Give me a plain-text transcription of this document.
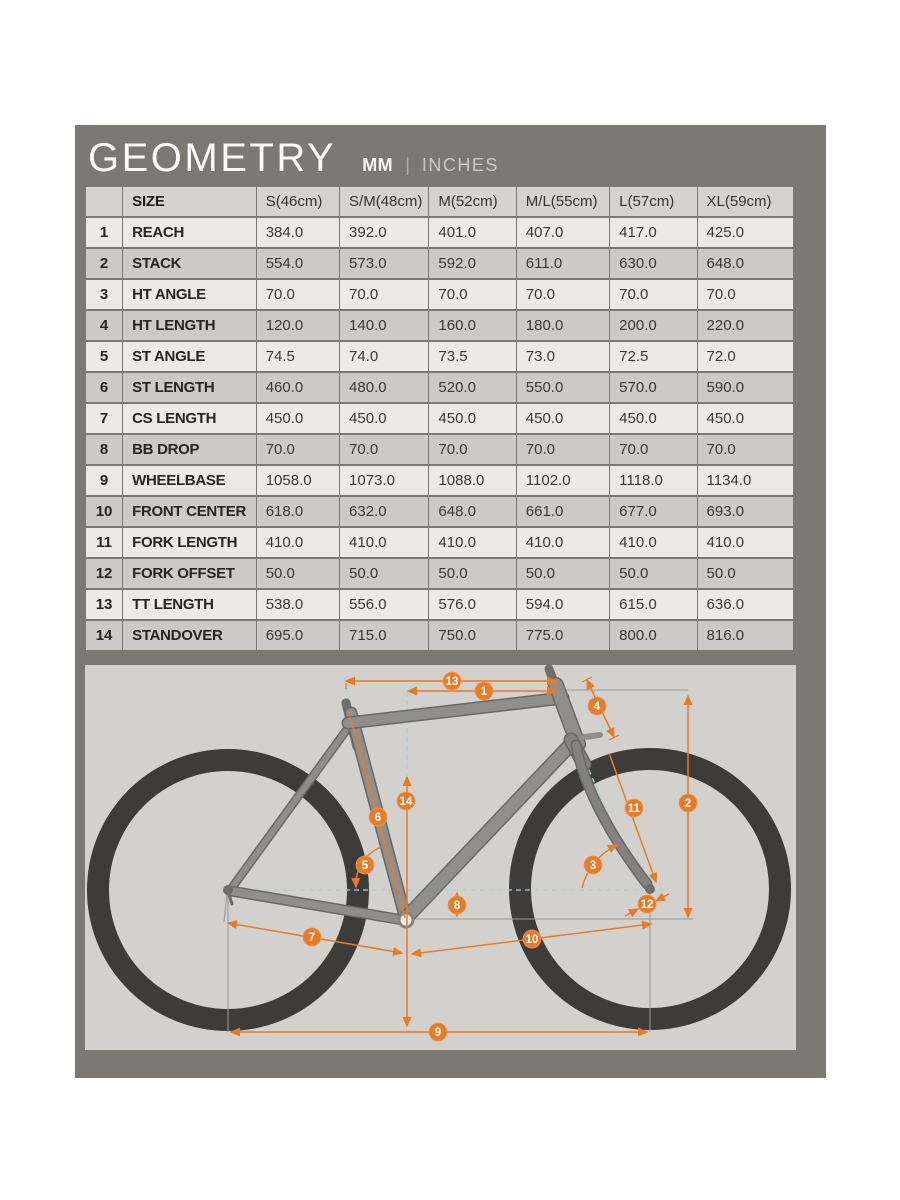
GEOMETRY MM | INCHES
	SIZE	S(46cm)	S/M(48cm)	M(52cm)	M/L(55cm)	L(57cm)	XL(59cm)
1	REACH	384.0	392.0	401.0	407.0	417.0	425.0
2	STACK	554.0	573.0	592.0	611.0	630.0	648.0
3	HT ANGLE	70.0	70.0	70.0	70.0	70.0	70.0
4	HT LENGTH	120.0	140.0	160.0	180.0	200.0	220.0
5	ST ANGLE	74.5	74.0	73.5	73.0	72.5	72.0
6	ST LENGTH	460.0	480.0	520.0	550.0	570.0	590.0
7	CS LENGTH	450.0	450.0	450.0	450.0	450.0	450.0
8	BB DROP	70.0	70.0	70.0	70.0	70.0	70.0
9	WHEELBASE	1058.0	1073.0	1088.0	1102.0	1118.0	1134.0
10	FRONT CENTER	618.0	632.0	648.0	661.0	677.0	693.0
11	FORK LENGTH	410.0	410.0	410.0	410.0	410.0	410.0
12	FORK OFFSET	50.0	50.0	50.0	50.0	50.0	50.0
13	TT LENGTH	538.0	556.0	576.0	594.0	615.0	636.0
14	STANDOVER	695.0	715.0	750.0	775.0	800.0	816.0
1
2
3
4
5
6
7
8
9
10
11
12
13
14
